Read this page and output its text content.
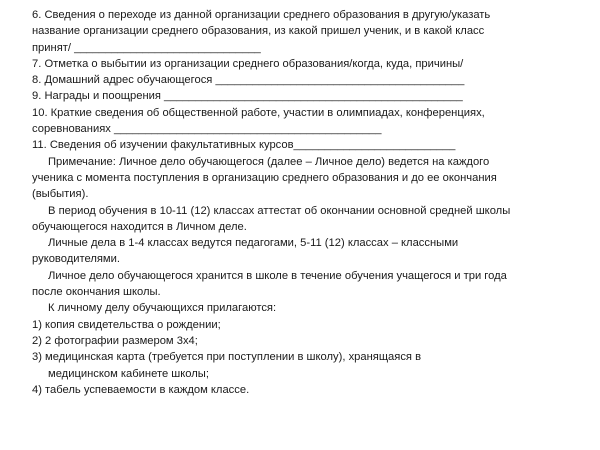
6. Сведения о переходе из данной организации среднего образования в другую/указать
название организации среднего образования, из какой пришел ученик, и в какой класс
принят/ ______________________________
7. Отметка о выбытии из организации среднего образования/когда, куда, причины/
8. Домашний адрес обучающегося ________________________________________
9. Награды и поощрения ________________________________________________
10. Краткие сведения об общественной работе, участии в олимпиадах, конференциях,
соревнованиях ___________________________________________
11. Сведения об изучении факультативных курсов__________________________
Примечание: Личное дело обучающегося (далее – Личное дело) ведется на каждого
ученика с момента поступления в организацию среднего образования и до ее окончания
(выбытия).
В период обучения в 10-11 (12) классах аттестат об окончании основной средней школы
обучающегося находится в Личном деле.
Личные дела в 1-4 классах ведутся педагогами, 5-11 (12) классах – классными
руководителями.
Личное дело обучающегося хранится в школе в течение обучения учащегося и три года
после окончания школы.
К личному делу обучающихся прилагаются:
1) копия свидетельства о рождении;
2) 2 фотографии размером 3х4;
3) медицинская карта (требуется при поступлении в школу), хранящаяся в
медицинском кабинете школы;
4) табель успеваемости в каждом классе.
